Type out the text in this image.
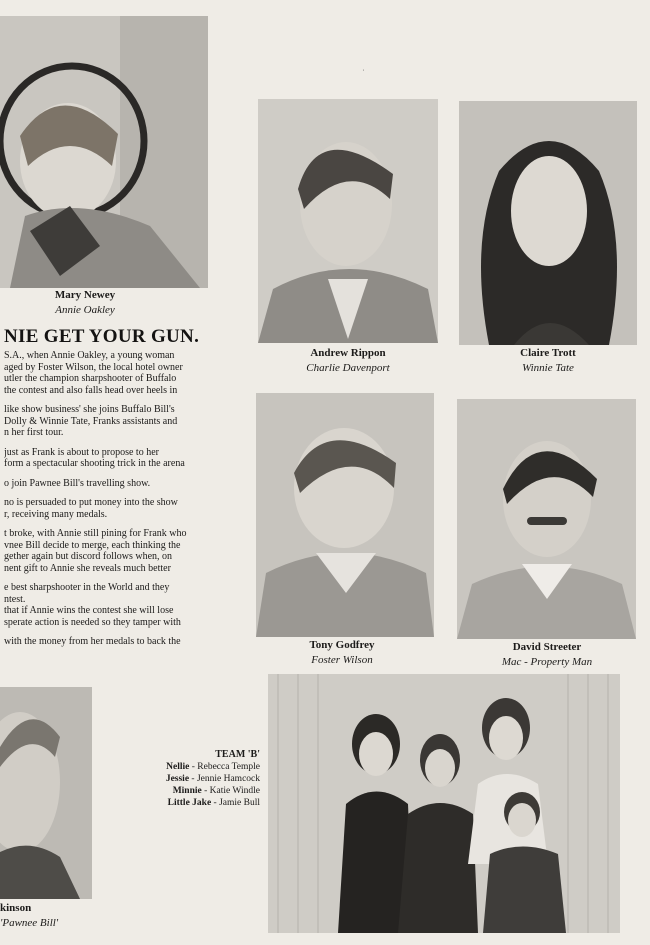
Mary Newey
Annie Oakley
˙
Andrew Rippon
Charlie Davenport
Claire Trott
Winnie Tate
NIE GET YOUR GUN.

S.A., when Annie Oakley, a young woman

aged by Foster Wilson, the local hotel owner

utler the champion sharpshooter of Buffalo

the contest and also falls head over heels in

like show business' she joins Buffalo Bill's

Dolly & Winnie Tate, Franks assistants and

n her first tour.

just as Frank is about to propose to her

form a spectacular shooting trick in the arena

o join Pawnee Bill's travelling show.

no is persuaded to put money into the show

r, receiving many medals.

t broke, with Annie still pining for Frank who

vnee Bill decide to merge, each thinking the

gether again but discord follows when, on

nent gift to Annie she reveals much better

e best sharpshooter in the World and they

ntest.

that if Annie wins the contest she will lose

sperate action is needed so they tamper with

with the money from her medals to back the	Tony Godfrey
Foster Wilson
David Streeter
Mac - Property Man
kinson
'Pawnee Bill'
TEAM 'B'
Nellie - Rebecca Temple
Jessie - Jennie Hamcock
Minnie - Katie Windle
Little Jake - Jamie Bull
